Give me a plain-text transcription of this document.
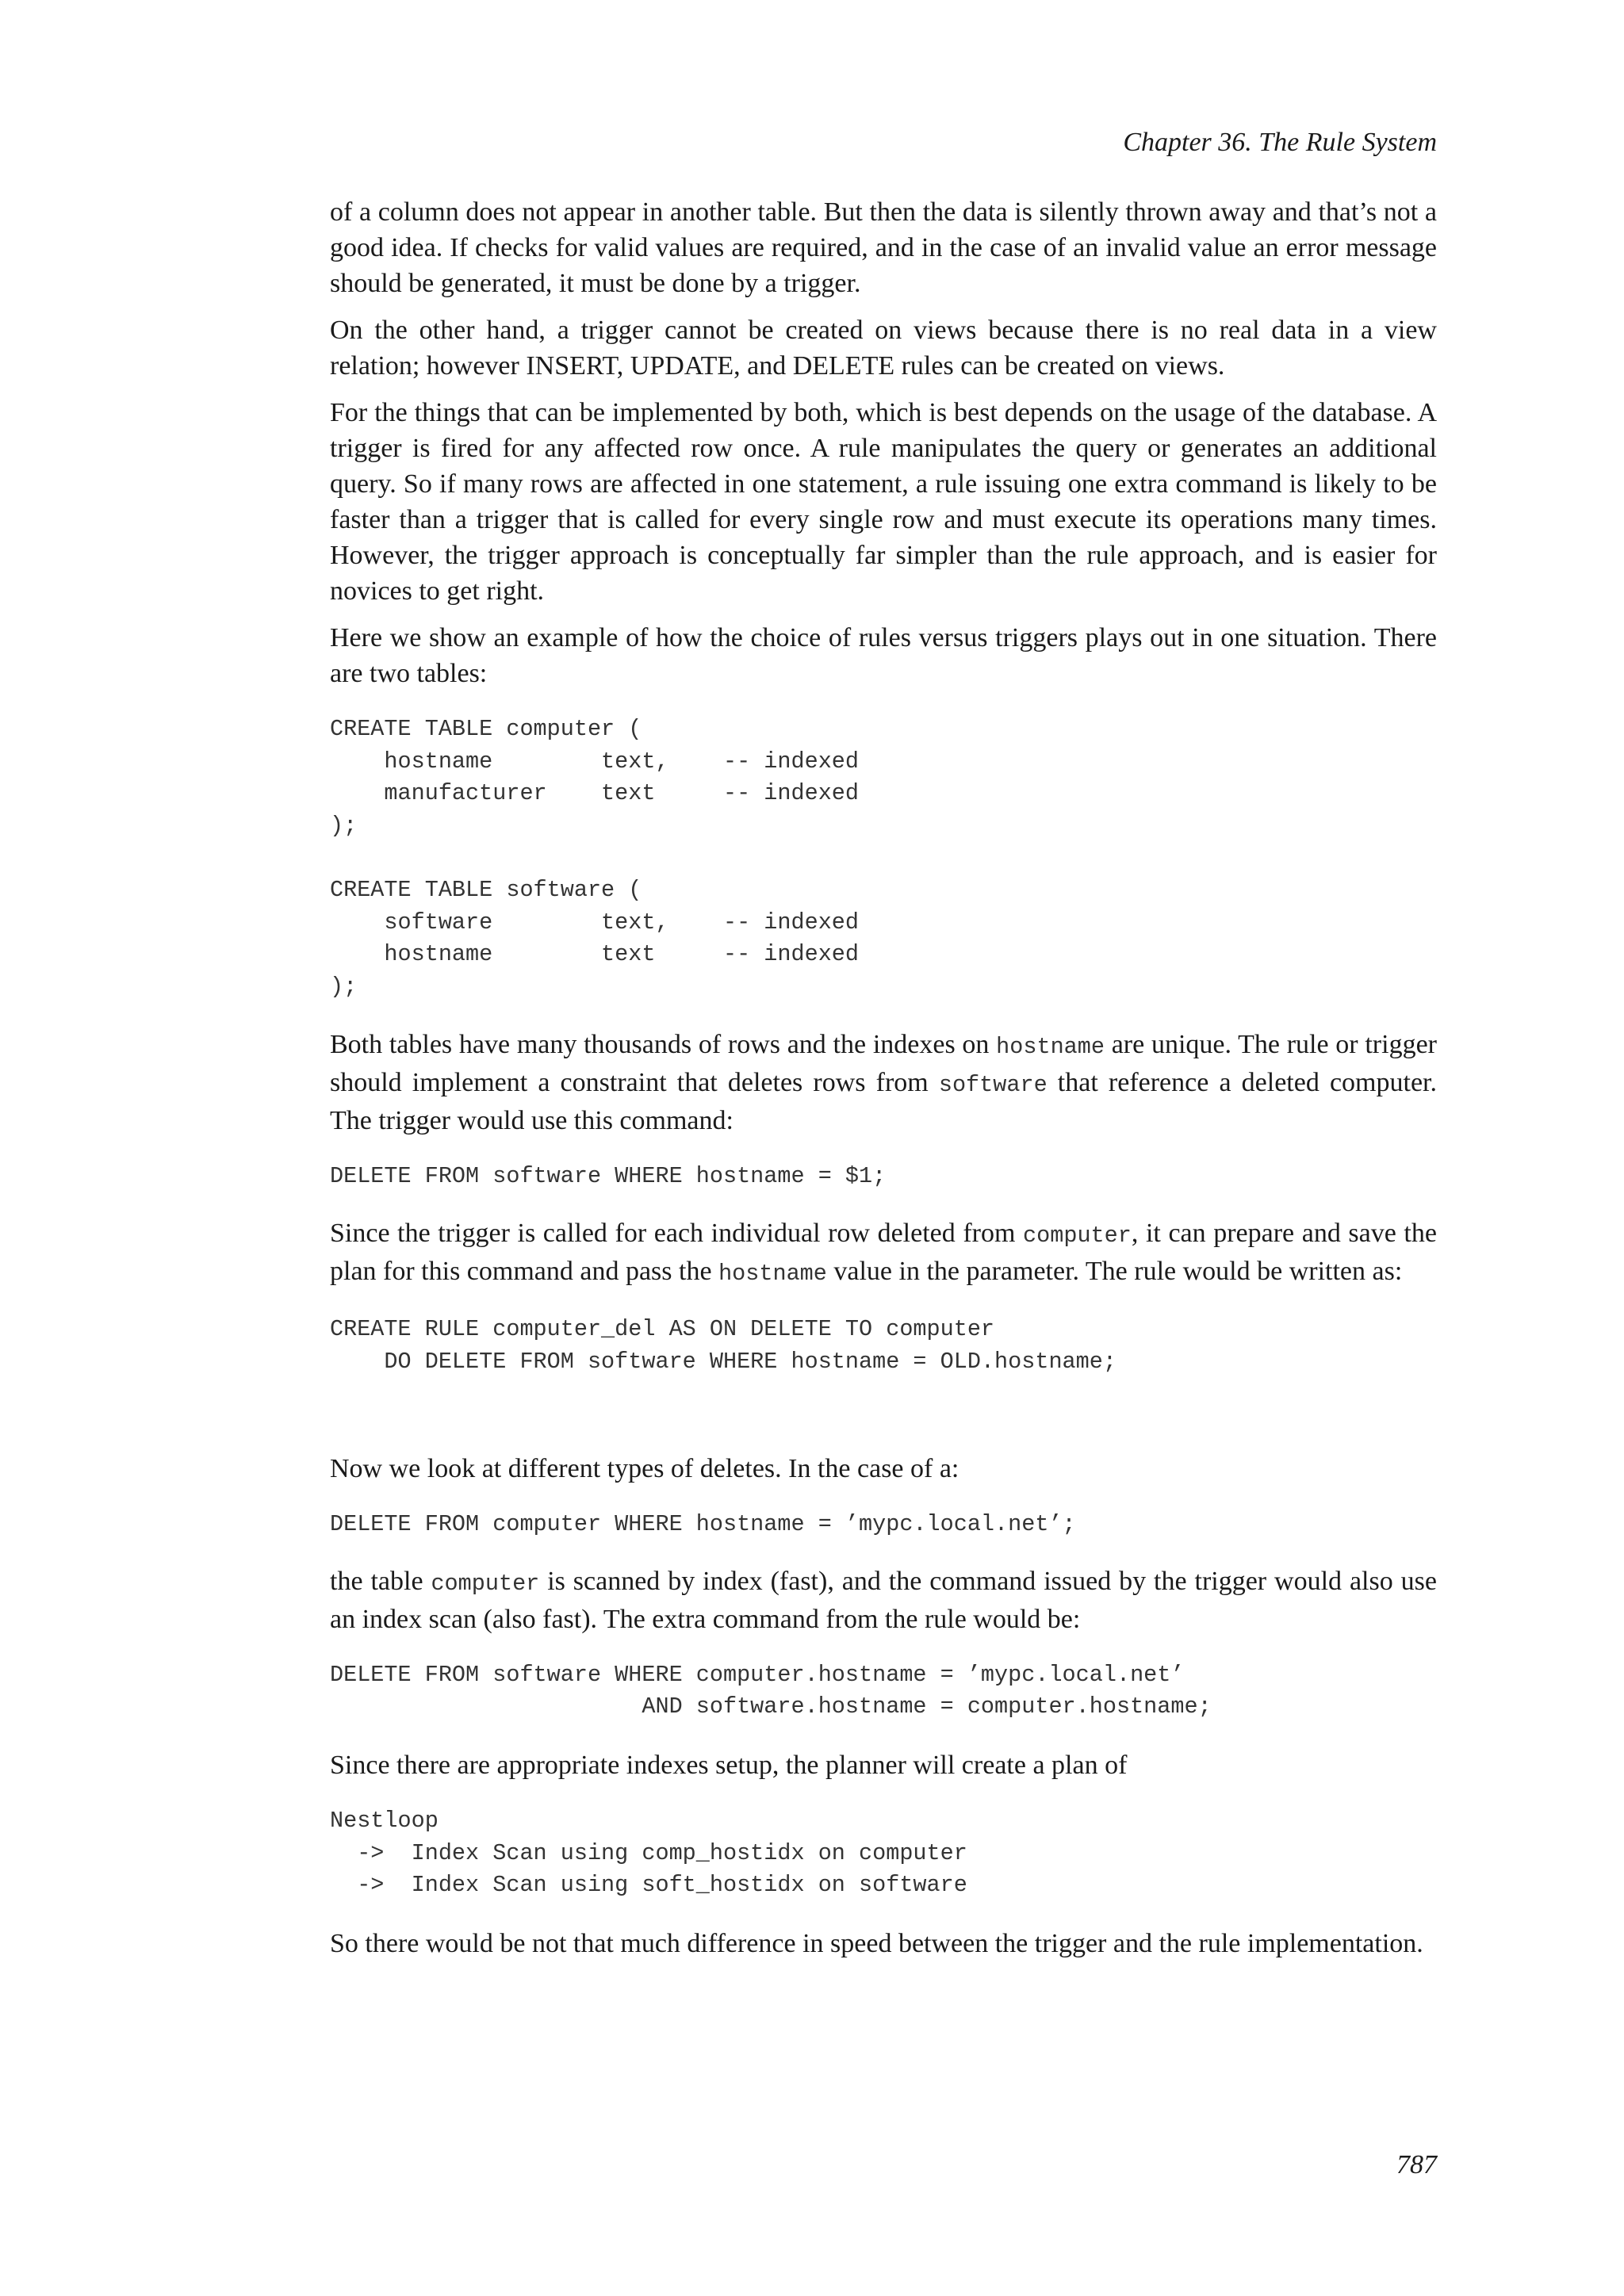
Chapter 36. The Rule System

of a column does not appear in another table. But then the data is silently thrown away and that’s not a good idea. If checks for valid values are required, and in the case of an invalid value an error message should be generated, it must be done by a trigger.

On the other hand, a trigger cannot be created on views because there is no real data in a view relation; however INSERT, UPDATE, and DELETE rules can be created on views.

For the things that can be implemented by both, which is best depends on the usage of the database. A trigger is fired for any affected row once. A rule manipulates the query or generates an additional query. So if many rows are affected in one statement, a rule issuing one extra command is likely to be faster than a trigger that is called for every single row and must execute its operations many times. However, the trigger approach is conceptually far simpler than the rule approach, and is easier for novices to get right.

Here we show an example of how the choice of rules versus triggers plays out in one situation. There are two tables:

CREATE TABLE computer (
hostname        text,    -- indexed
manufacturer    text     -- indexed
);

CREATE TABLE software (
software        text,    -- indexed
hostname        text     -- indexed
);

Both tables have many thousands of rows and the indexes on hostname are unique. The rule or trigger should implement a constraint that deletes rows from software that reference a deleted computer. The trigger would use this command:

DELETE FROM software WHERE hostname = $1;

Since the trigger is called for each individual row deleted from computer, it can prepare and save the plan for this command and pass the hostname value in the parameter. The rule would be written as:

CREATE RULE computer_del AS ON DELETE TO computer
DO DELETE FROM software WHERE hostname = OLD.hostname;

Now we look at different types of deletes. In the case of a:

DELETE FROM computer WHERE hostname = ’mypc.local.net’;

the table computer is scanned by index (fast), and the command issued by the trigger would also use an index scan (also fast). The extra command from the rule would be:

DELETE FROM software WHERE computer.hostname = ’mypc.local.net’
AND software.hostname = computer.hostname;

Since there are appropriate indexes setup, the planner will create a plan of

Nestloop
->  Index Scan using comp_hostidx on computer
->  Index Scan using soft_hostidx on software

So there would be not that much difference in speed between the trigger and the rule implementation.

787
